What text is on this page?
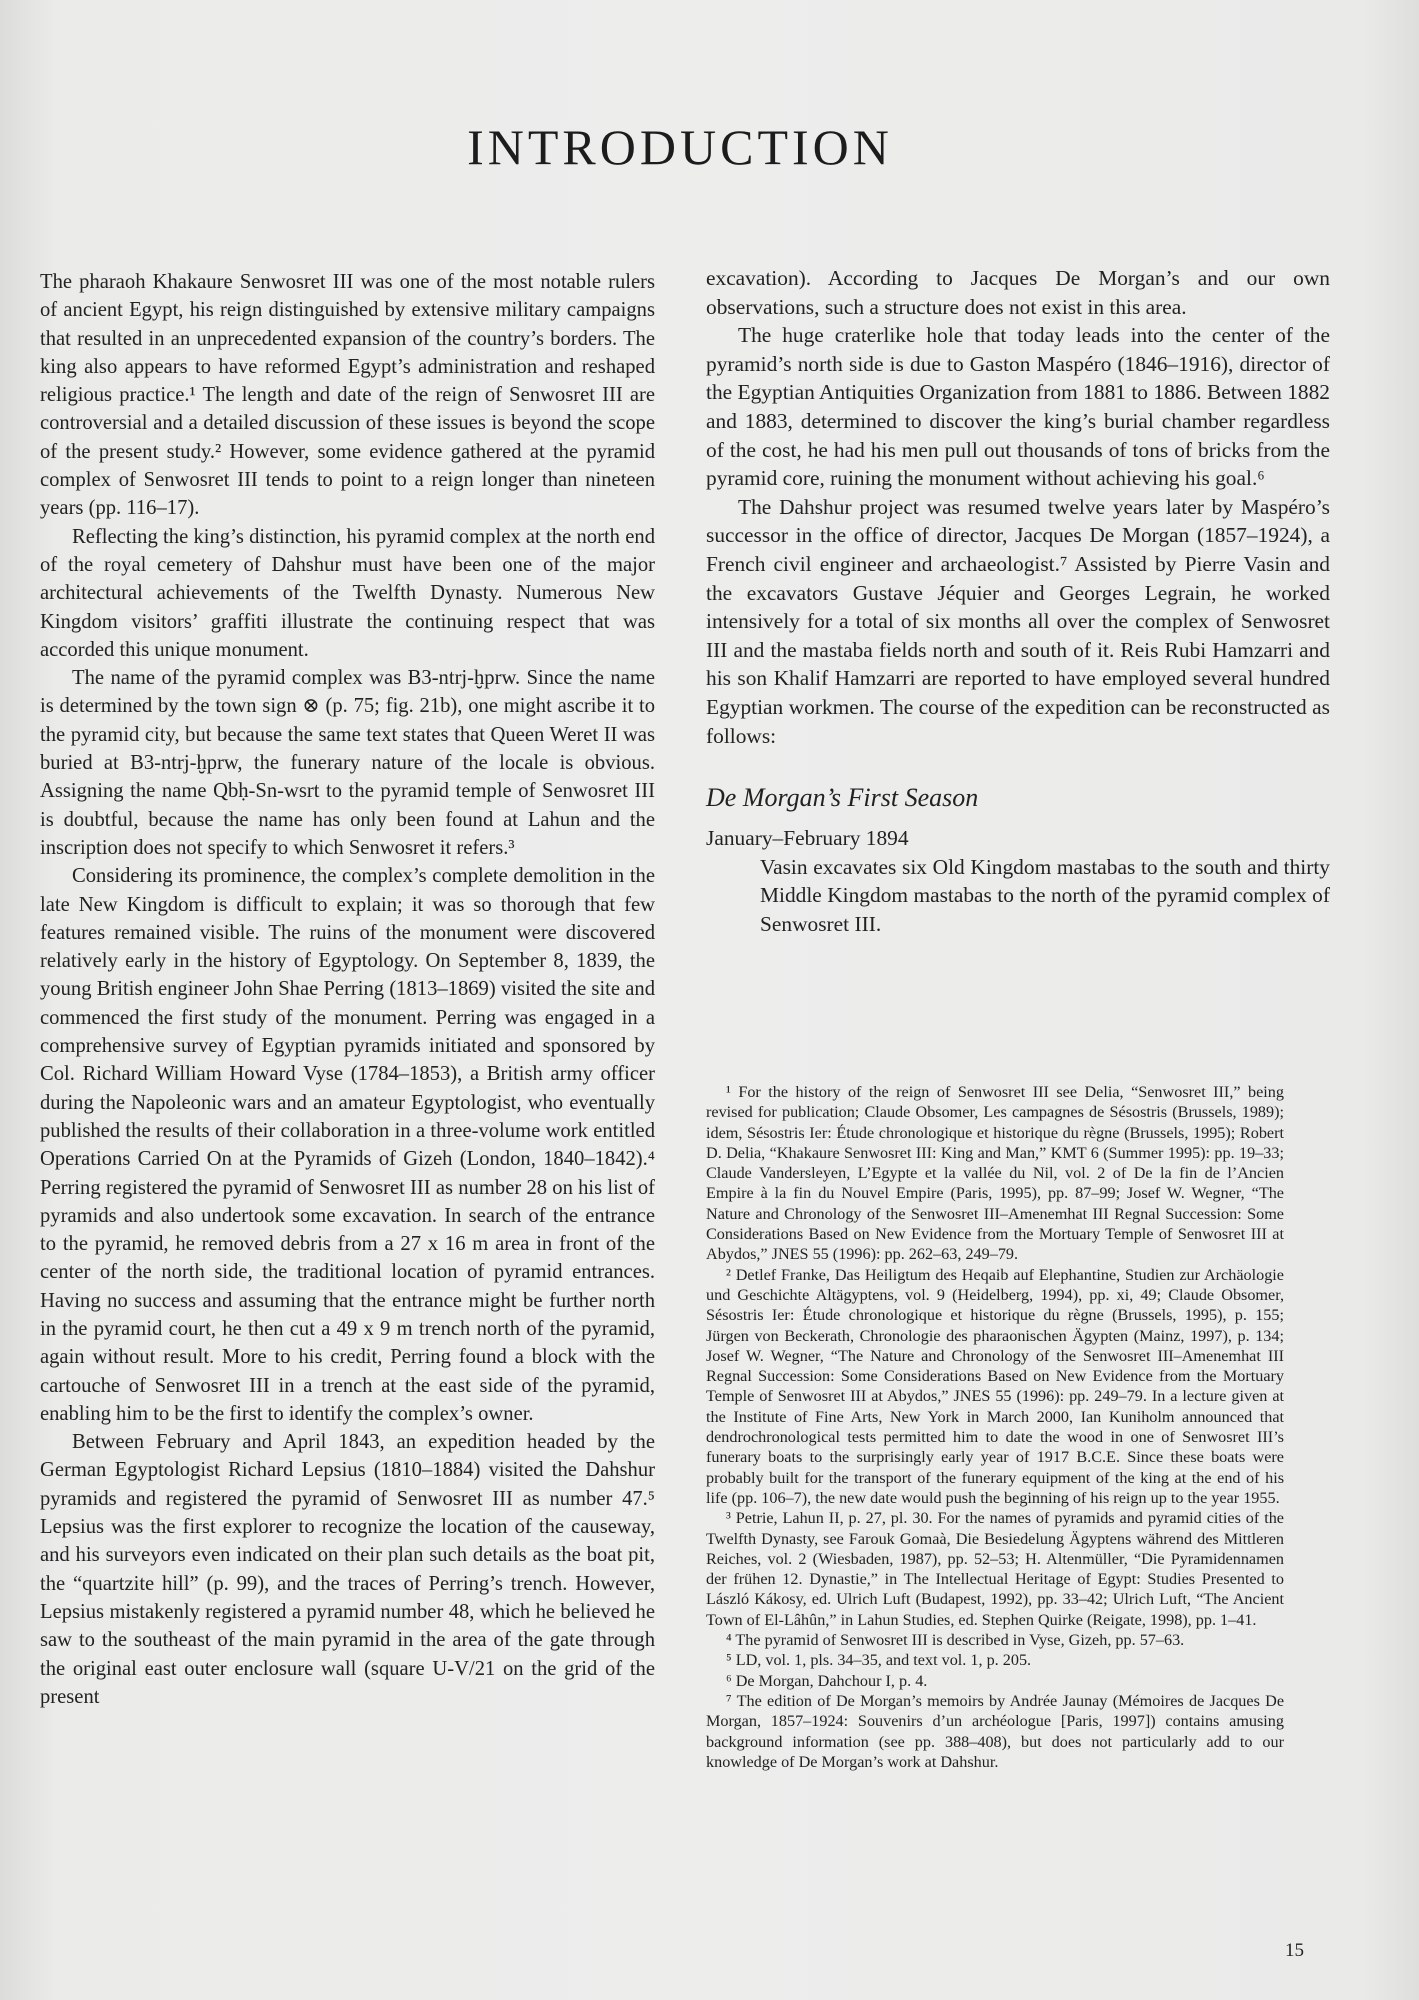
INTRODUCTION

The pharaoh Khakaure Senwosret III was one of the most notable rulers of ancient Egypt, his reign distinguished by extensive military campaigns that resulted in an unprecedented expansion of the country’s borders. The king also appears to have reformed Egypt’s administration and reshaped religious practice.¹ The length and date of the reign of Senwosret III are controversial and a detailed discussion of these issues is beyond the scope of the present study.² However, some evidence gathered at the pyramid complex of Senwosret III tends to point to a reign longer than nineteen years (pp. 116–17).

Reflecting the king’s distinction, his pyramid complex at the north end of the royal cemetery of Dahshur must have been one of the major architectural achievements of the Twelfth Dynasty. Numerous New Kingdom visitors’ graffiti illustrate the continuing respect that was accorded this unique monument.

The name of the pyramid complex was B3-ntrj-ḫprw. Since the name is determined by the town sign ⊗ (p. 75; fig. 21b), one might ascribe it to the pyramid city, but because the same text states that Queen Weret II was buried at B3-ntrj-ḫprw, the funerary nature of the locale is obvious. Assigning the name Qbḥ-Sn-wsrt to the pyramid temple of Senwosret III is doubtful, because the name has only been found at Lahun and the inscription does not specify to which Senwosret it refers.³

Considering its prominence, the complex’s complete demolition in the late New Kingdom is difficult to explain; it was so thorough that few features remained visible. The ruins of the monument were discovered relatively early in the history of Egyptology. On September 8, 1839, the young British engineer John Shae Perring (1813–1869) visited the site and commenced the first study of the monument. Perring was engaged in a comprehensive survey of Egyptian pyramids initiated and sponsored by Col. Richard William Howard Vyse (1784–1853), a British army officer during the Napoleonic wars and an amateur Egyptologist, who eventually published the results of their collaboration in a three-volume work entitled Operations Carried On at the Pyramids of Gizeh (London, 1840–1842).⁴ Perring registered the pyramid of Senwosret III as number 28 on his list of pyramids and also undertook some excavation. In search of the entrance to the pyramid, he removed debris from a 27 x 16 m area in front of the center of the north side, the traditional location of pyramid entrances. Having no success and assuming that the entrance might be further north in the pyramid court, he then cut a 49 x 9 m trench north of the pyramid, again without result. More to his credit, Perring found a block with the cartouche of Senwosret III in a trench at the east side of the pyramid, enabling him to be the first to identify the complex’s owner.

Between February and April 1843, an expedition headed by the German Egyptologist Richard Lepsius (1810–1884) visited the Dahshur pyramids and registered the pyramid of Senwosret III as number 47.⁵ Lepsius was the first explorer to recognize the location of the causeway, and his surveyors even indicated on their plan such details as the boat pit, the “quartzite hill” (p. 99), and the traces of Perring’s trench. However, Lepsius mistakenly registered a pyramid number 48, which he believed he saw to the southeast of the main pyramid in the area of the gate through the original east outer enclosure wall (square U-V/21 on the grid of the present

excavation). According to Jacques De Morgan’s and our own observations, such a structure does not exist in this area.

The huge craterlike hole that today leads into the center of the pyramid’s north side is due to Gaston Maspéro (1846–1916), director of the Egyptian Antiquities Organization from 1881 to 1886. Between 1882 and 1883, determined to discover the king’s burial chamber regardless of the cost, he had his men pull out thousands of tons of bricks from the pyramid core, ruining the monument without achieving his goal.⁶

The Dahshur project was resumed twelve years later by Maspéro’s successor in the office of director, Jacques De Morgan (1857–1924), a French civil engineer and archaeologist.⁷ Assisted by Pierre Vasin and the excavators Gustave Jéquier and Georges Legrain, he worked intensively for a total of six months all over the complex of Senwosret III and the mastaba fields north and south of it. Reis Rubi Hamzarri and his son Khalif Hamzarri are reported to have employed several hundred Egyptian workmen. The course of the expedition can be reconstructed as follows:

De Morgan’s First Season
January–February 1894
Vasin excavates six Old Kingdom mastabas to the south and thirty Middle Kingdom mastabas to the north of the pyramid complex of Senwosret III.

¹ For the history of the reign of Senwosret III see Delia, “Senwosret III,” being revised for publication; Claude Obsomer, Les campagnes de Sésostris (Brussels, 1989); idem, Sésostris Ier: Étude chronologique et historique du règne (Brussels, 1995); Robert D. Delia, “Khakaure Senwosret III: King and Man,” KMT 6 (Summer 1995): pp. 19–33; Claude Vandersleyen, L’Egypte et la vallée du Nil, vol. 2 of De la fin de l’Ancien Empire à la fin du Nouvel Empire (Paris, 1995), pp. 87–99; Josef W. Wegner, “The Nature and Chronology of the Senwosret III–Amenemhat III Regnal Succession: Some Considerations Based on New Evidence from the Mortuary Temple of Senwosret III at Abydos,” JNES 55 (1996): pp. 262–63, 249–79.

² Detlef Franke, Das Heiligtum des Heqaib auf Elephantine, Studien zur Archäologie und Geschichte Altägyptens, vol. 9 (Heidelberg, 1994), pp. xi, 49; Claude Obsomer, Sésostris Ier: Étude chronologique et historique du règne (Brussels, 1995), p. 155; Jürgen von Beckerath, Chronologie des pharaonischen Ägypten (Mainz, 1997), p. 134; Josef W. Wegner, “The Nature and Chronology of the Senwosret III–Amenemhat III Regnal Succession: Some Considerations Based on New Evidence from the Mortuary Temple of Senwosret III at Abydos,” JNES 55 (1996): pp. 249–79. In a lecture given at the Institute of Fine Arts, New York in March 2000, Ian Kuniholm announced that dendrochronological tests permitted him to date the wood in one of Senwosret III’s funerary boats to the surprisingly early year of 1917 B.C.E. Since these boats were probably built for the transport of the funerary equipment of the king at the end of his life (pp. 106–7), the new date would push the beginning of his reign up to the year 1955.

³ Petrie, Lahun II, p. 27, pl. 30. For the names of pyramids and pyramid cities of the Twelfth Dynasty, see Farouk Gomaà, Die Besiedelung Ägyptens während des Mittleren Reiches, vol. 2 (Wiesbaden, 1987), pp. 52–53; H. Altenmüller, “Die Pyramidennamen der frühen 12. Dynastie,” in The Intellectual Heritage of Egypt: Studies Presented to László Kákosy, ed. Ulrich Luft (Budapest, 1992), pp. 33–42; Ulrich Luft, “The Ancient Town of El-Lâhûn,” in Lahun Studies, ed. Stephen Quirke (Reigate, 1998), pp. 1–41.

⁴ The pyramid of Senwosret III is described in Vyse, Gizeh, pp. 57–63.

⁵ LD, vol. 1, pls. 34–35, and text vol. 1, p. 205.

⁶ De Morgan, Dahchour I, p. 4.

⁷ The edition of De Morgan’s memoirs by Andrée Jaunay (Mémoires de Jacques De Morgan, 1857–1924: Souvenirs d’un archéologue [Paris, 1997]) contains amusing background information (see pp. 388–408), but does not particularly add to our knowledge of De Morgan’s work at Dahshur.

15
